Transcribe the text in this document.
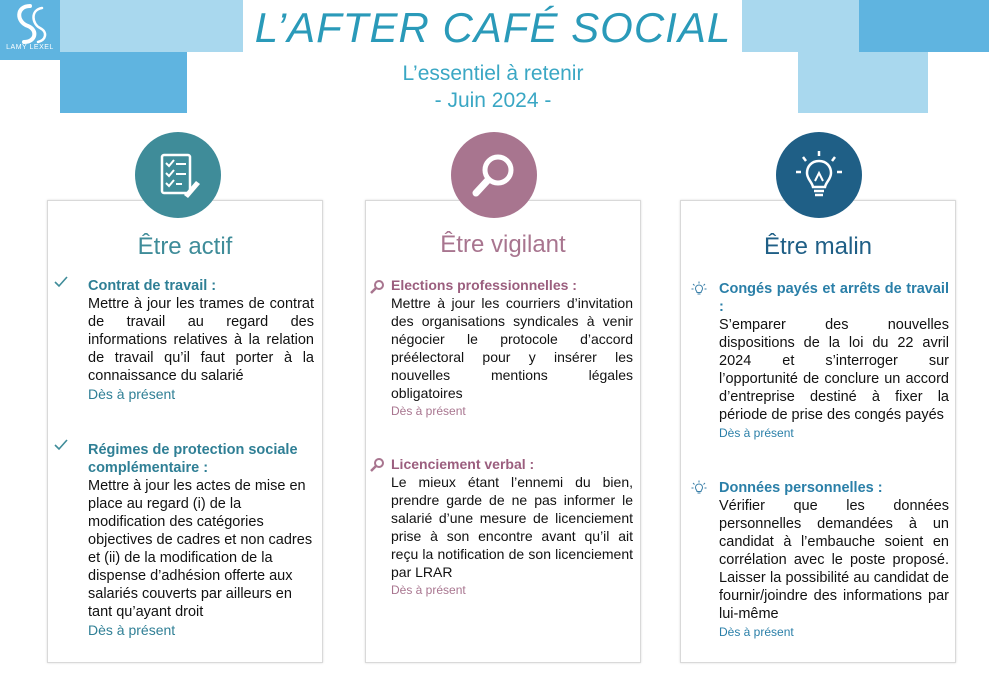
LAMY LEXEL	L’AFTER CAFÉ SOCIAL
L’essentiel à retenir
- Juin 2024 -
Être actif
Contrat de travail :
Mettre à jour les trames de contrat de travail au regard des informations relatives à la relation de travail qu’il faut porter à la connaissance du salarié
Dès à présent
Régimes de protection sociale complémentaire :
Mettre à jour les actes de mise en place au regard (i) de la modification des catégories objectives de cadres et non cadres et (ii) de la modification de la dispense d’adhésion offerte aux salariés couverts par ailleurs en tant qu’ayant droit
Dès à présent
Être vigilant
Elections professionnelles :
Mettre à jour les courriers d’invitation des organisations syndicales à venir négocier le protocole d’accord préélectoral pour y insérer les nouvelles mentions légales obligatoires
Dès à présent
Licenciement verbal :
Le mieux étant l’ennemi du bien, prendre garde de ne pas informer le salarié d’une mesure de licenciement prise à son encontre avant qu’il ait reçu la notification de son licenciement par LRAR
Dès à présent
Être malin
Congés payés et arrêts de travail :
S’emparer des nouvelles dispositions de la loi du 22 avril 2024 et s’interroger sur l’opportunité de conclure un accord d’entreprise destiné à fixer la période de prise des congés payés
Dès à présent
Données personnelles :
Vérifier que les données personnelles demandées à un candidat à l’embauche soient en corrélation avec le poste proposé. Laisser la possibilité au candidat de fournir/joindre des informations par lui-même
Dès à présent
